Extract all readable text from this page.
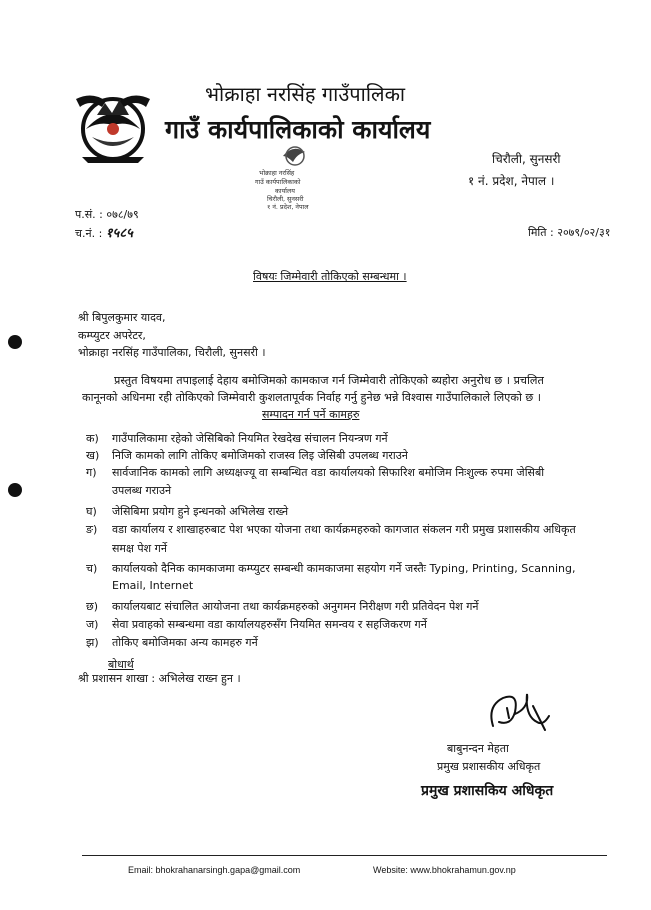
भोक्राहा नरसिंह गाउँपालिका
गाउँ कार्यपालिकाको कार्यालय
चिरौली, सुनसरी
१ नं. प्रदेश, नेपाल ।
भोक्राहा नरसिंह
गाउँ कार्यपालिकाको
कार्यालय
चिरौली, सुनसरी
१ नं. प्रदेश, नेपाल
प.सं. : ०७८/७९
च.नं. : १५८५	मिति : २०७९/०२/३१
विषयः जिम्मेवारी तोकिएको सम्बन्धमा ।
श्री बिपुलकुमार यादव,
कम्प्युटर अपरेटर,
भोक्राहा नरसिंह गाउँपालिका, चिरौली, सुनसरी ।
प्रस्तुत विषयमा तपाइलाई देहाय बमोजिमको कामकाज गर्न जिम्मेवारी तोकिएको ब्यहोरा अनुरोध छ । प्रचलित
कानूनको अधिनमा रही तोकिएको जिम्मेवारी कुशलतापूर्वक निर्वाह गर्नु हुनेछ भन्ने विश्वास गाउँपालिकाले लिएको छ ।
सम्पादन गर्न पर्ने कामहरु
क) गाउँपालिकामा रहेको जेसिबिको नियमित रेखदेख संचालन नियन्त्रण गर्ने
ख) निजि कामको लागि तोकिए बमोजिमको राजस्व लिइ जेसिबी उपलब्ध गराउने
ग) सार्वजानिक कामको लागि अध्यक्षज्यू वा सम्बन्धित वडा कार्यालयको सिफारिश बमोजिम निःशुल्क रुपमा जेसिबी
उपलब्ध गराउने
घ) जेसिबिमा प्रयोग हुने इन्धनको अभिलेख राख्ने
ङ) वडा कार्यालय र शाखाहरुबाट पेश भएका योजना तथा कार्यक्रमहरुको कागजात संकलन गरी प्रमुख प्रशासकीय अधिकृत
समक्ष पेश गर्ने
च) कार्यालयको दैनिक कामकाजमा कम्प्युटर सम्बन्धी कामकाजमा सहयोग गर्ने जस्तैः Typing, Printing, Scanning,
Email, Internet
छ) कार्यालयबाट संचालित आयोजना तथा कार्यक्रमहरुको अनुगमन निरीक्षण गरी प्रतिवेदन पेश गर्ने
ज) सेवा प्रवाहको सम्बन्धमा वडा कार्यालयहरुसँग नियमित समन्वय र सहजिकरण गर्ने
झ) तोकिए बमोजिमका अन्य कामहरु गर्ने
बोधार्थ
श्री प्रशासन शाखा : अभिलेख राख्न हुन ।
बाबुनन्दन मेहता
प्रमुख प्रशासकीय अधिकृत
प्रमुख प्रशासकिय अधिकृत
Email: bhokrahanarsingh.gapa@gmail.com	Website: www.bhokrahamun.gov.np
